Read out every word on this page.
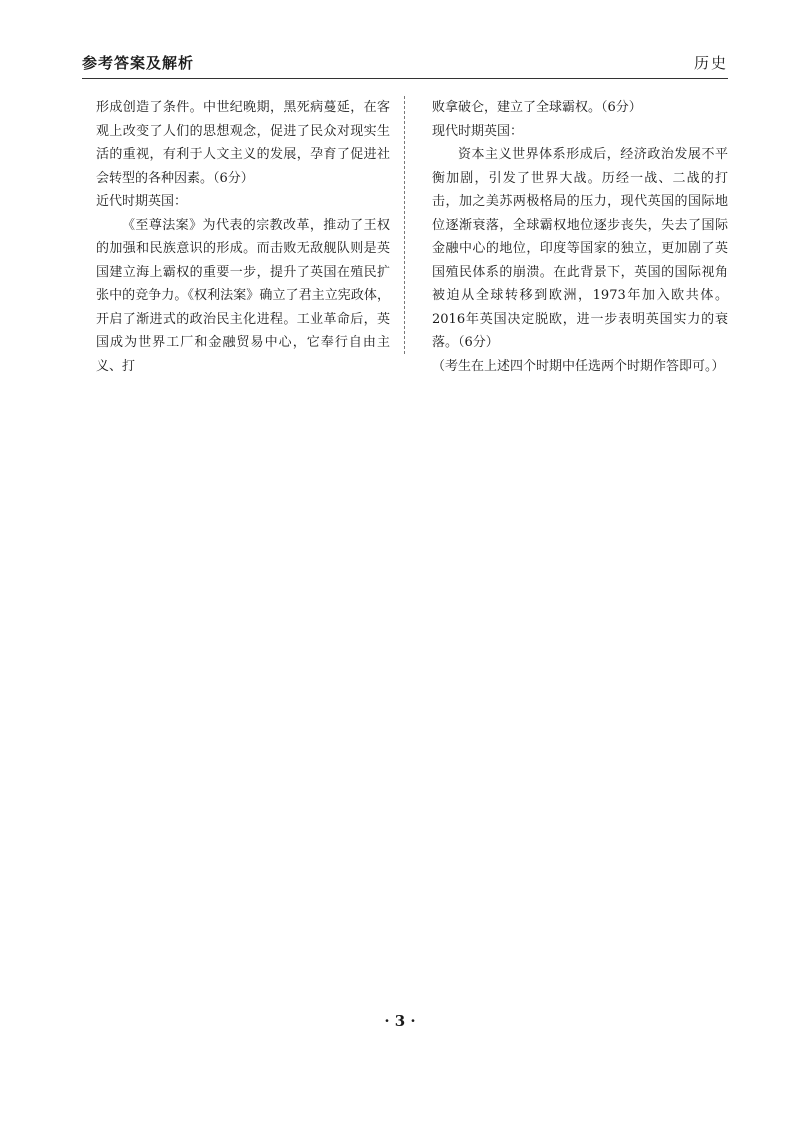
参考答案及解析	历史

形成创造了条件。中世纪晚期，黑死病蔓延，在客观上改变了人们的思想观念，促进了民众对现实生活的重视，有利于人文主义的发展，孕育了促进社会转型的各种因素。（6分）

近代时期英国：

《至尊法案》为代表的宗教改革，推动了王权的加强和民族意识的形成。而击败无敌舰队则是英国建立海上霸权的重要一步，提升了英国在殖民扩张中的竞争力。《权利法案》确立了君主立宪政体，开启了渐进式的政治民主化进程。工业革命后，英国成为世界工厂和金融贸易中心，它奉行自由主义、打

败拿破仑，建立了全球霸权。（6分）

现代时期英国：

资本主义世界体系形成后，经济政治发展不平衡加剧，引发了世界大战。历经一战、二战的打击，加之美苏两极格局的压力，现代英国的国际地位逐渐衰落，全球霸权地位逐步丧失，失去了国际金融中心的地位，印度等国家的独立，更加剧了英国殖民体系的崩溃。在此背景下，英国的国际视角被迫从全球转移到欧洲，1973年加入欧共体。2016年英国决定脱欧，进一步表明英国实力的衰落。（6分）

（考生在上述四个时期中任选两个时期作答即可。）

· 3 ·
